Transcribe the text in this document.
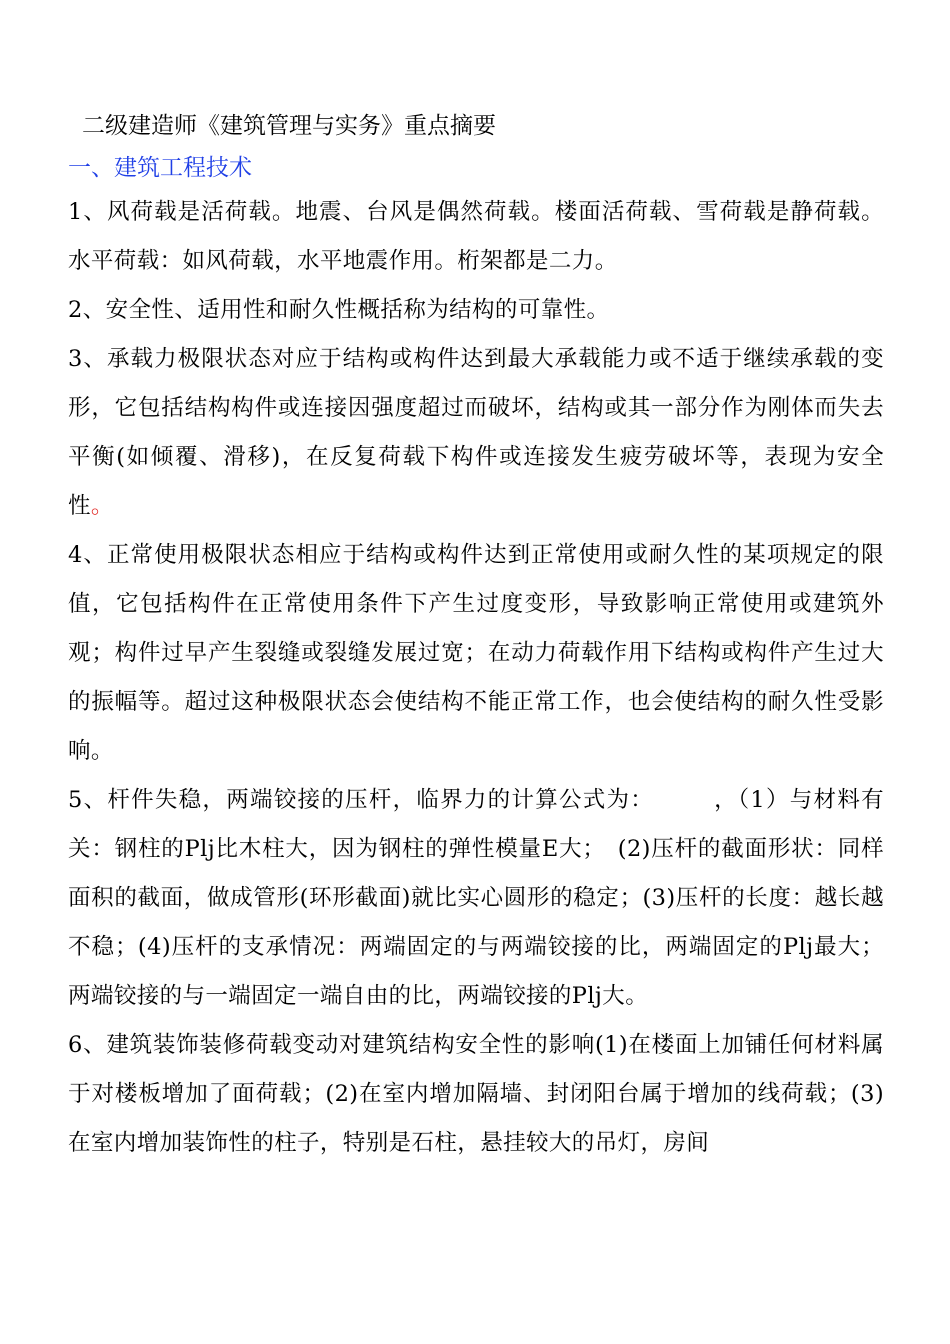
二级建造师《建筑管理与实务》重点摘要
一、建筑工程技术

1、风荷载是活荷载。地震、台风是偶然荷载。楼面活荷载、雪荷载是静荷载。水平荷载：如风荷载，水平地震作用。桁架都是二力。

2、安全性、适用性和耐久性概括称为结构的可靠性。

3、承载力极限状态对应于结构或构件达到最大承载能力或不适于继续承载的变形，它包括结构构件或连接因强度超过而破坏，结构或其一部分作为刚体而失去平衡(如倾覆、滑移)，在反复荷载下构件或连接发生疲劳破坏等，表现为安全性。

4、正常使用极限状态相应于结构或构件达到正常使用或耐久性的某项规定的限值，它包括构件在正常使用条件下产生过度变形，导致影响正常使用或建筑外观；构件过早产生裂缝或裂缝发展过宽；在动力荷载作用下结构或构件产生过大的振幅等。超过这种极限状态会使结构不能正常工作，也会使结构的耐久性受影响。

5、杆件失稳，两端铰接的压杆，临界力的计算公式为：　　　，（1）与材料有关：钢柱的Plj比木柱大，因为钢柱的弹性模量E大；　(2)压杆的截面形状：同样面积的截面，做成管形(环形截面)就比实心圆形的稳定；(3)压杆的长度：越长越不稳；(4)压杆的支承情况：两端固定的与两端铰接的比，两端固定的Plj最大；两端铰接的与一端固定一端自由的比，两端铰接的Plj大。

6、建筑装饰装修荷载变动对建筑结构安全性的影响(1)在楼面上加铺任何材料属于对楼板增加了面荷载；(2)在室内增加隔墙、封闭阳台属于增加的线荷载；(3)在室内增加装饰性的柱子，特别是石柱，悬挂较大的吊灯，房间
